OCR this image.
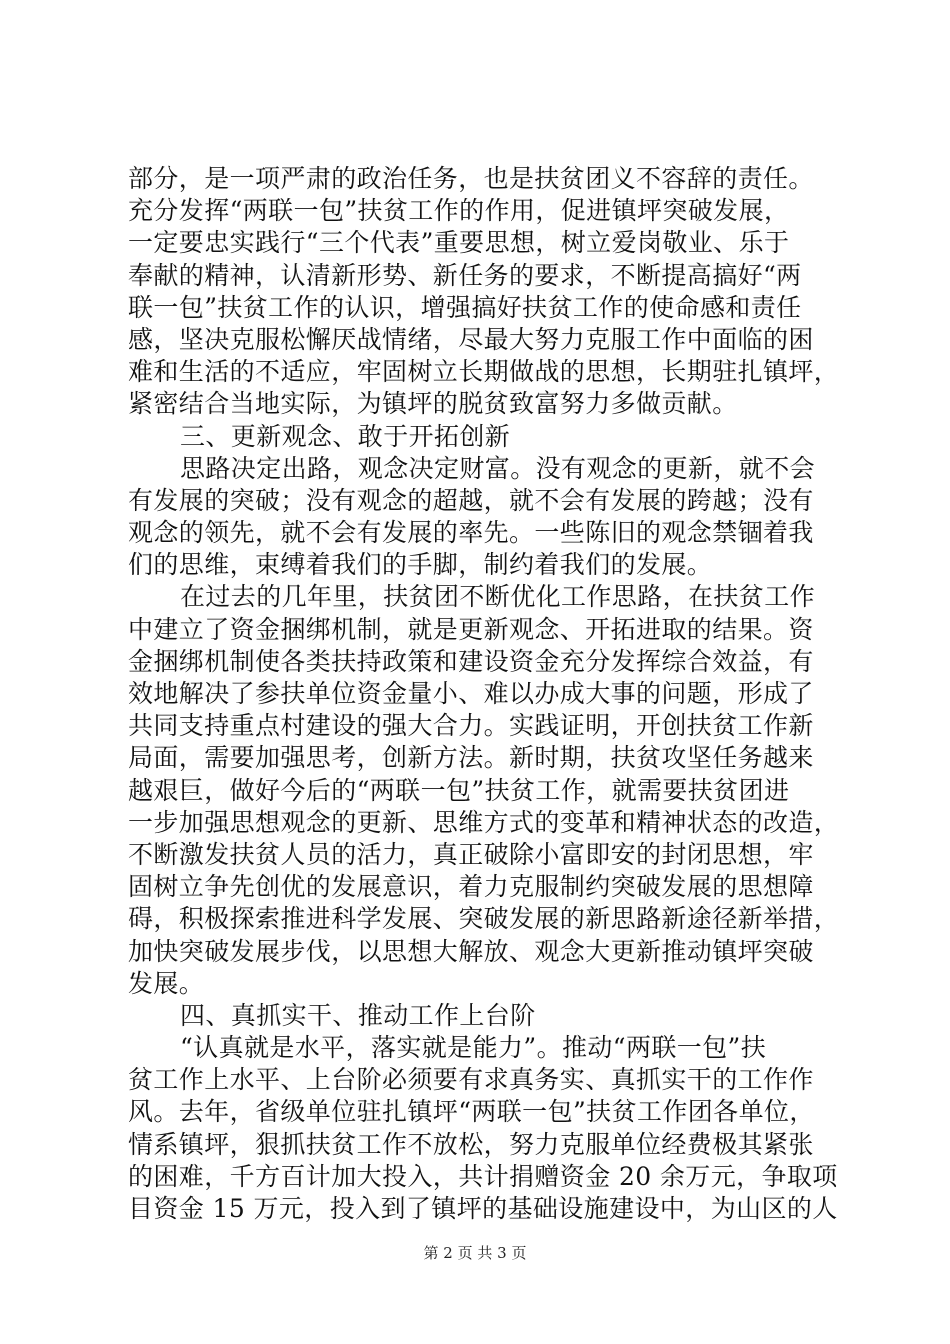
部分，是一项严肃的政治任务，也是扶贫团义不容辞的责任。
充分发挥“两联一包”扶贫工作的作用，促进镇坪突破发展，
一定要忠实践行“三个代表”重要思想，树立爱岗敬业、乐于
奉献的精神，认清新形势、新任务的要求，不断提高搞好“两
联一包”扶贫工作的认识，增强搞好扶贫工作的使命感和责任
感，坚决克服松懈厌战情绪，尽最大努力克服工作中面临的困
难和生活的不适应，牢固树立长期做战的思想，长期驻扎镇坪，
紧密结合当地实际，为镇坪的脱贫致富努力多做贡献。
三、更新观念、敢于开拓创新
思路决定出路，观念决定财富。没有观念的更新，就不会
有发展的突破；没有观念的超越，就不会有发展的跨越；没有
观念的领先，就不会有发展的率先。一些陈旧的观念禁锢着我
们的思维，束缚着我们的手脚，制约着我们的发展。
在过去的几年里，扶贫团不断优化工作思路，在扶贫工作
中建立了资金捆绑机制，就是更新观念、开拓进取的结果。资
金捆绑机制使各类扶持政策和建设资金充分发挥综合效益，有
效地解决了参扶单位资金量小、难以办成大事的问题，形成了
共同支持重点村建设的强大合力。实践证明，开创扶贫工作新
局面，需要加强思考，创新方法。新时期，扶贫攻坚任务越来
越艰巨，做好今后的“两联一包”扶贫工作，就需要扶贫团进
一步加强思想观念的更新、思维方式的变革和精神状态的改造，
不断激发扶贫人员的活力，真正破除小富即安的封闭思想，牢
固树立争先创优的发展意识，着力克服制约突破发展的思想障
碍，积极探索推进科学发展、突破发展的新思路新途径新举措，
加快突破发展步伐，以思想大解放、观念大更新推动镇坪突破
发展。
四、真抓实干、推动工作上台阶
“认真就是水平，落实就是能力”。推动“两联一包”扶
贫工作上水平、上台阶必须要有求真务实、真抓实干的工作作
风。去年，省级单位驻扎镇坪“两联一包”扶贫工作团各单位，
情系镇坪，狠抓扶贫工作不放松，努力克服单位经费极其紧张
的困难，千方百计加大投入，共计捐赠资金 20 余万元，争取项
目资金 15 万元，投入到了镇坪的基础设施建设中，为山区的人
第 2 页 共 3 页
